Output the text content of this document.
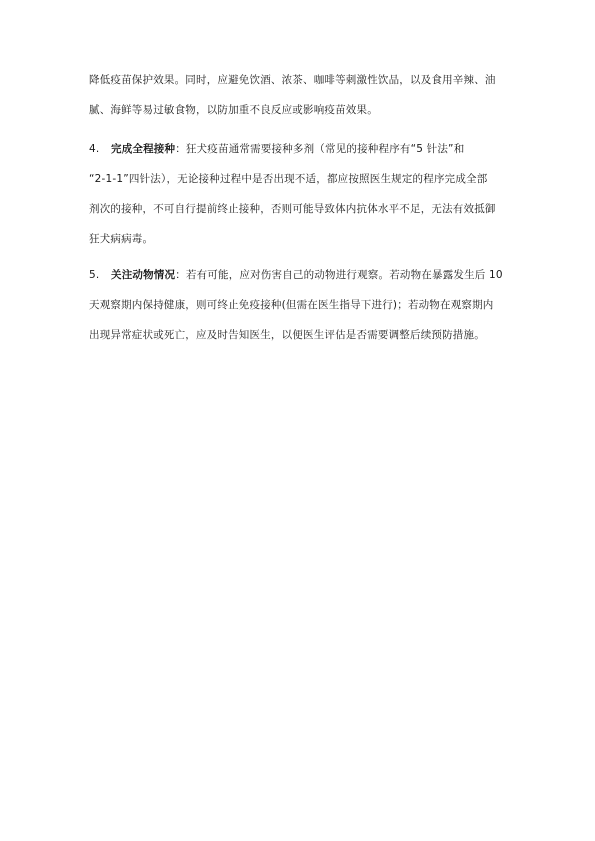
降低疫苗保护效果。同时，应避免饮酒、浓茶、咖啡等刺激性饮品，以及食用辛辣、油
腻、海鲜等易过敏食物，以防加重不良反应或影响疫苗效果。
4. 完成全程接种：狂犬疫苗通常需要接种多剂（常见的接种程序有“5 针法”和
“2-1-1”四针法），无论接种过程中是否出现不适，都应按照医生规定的程序完成全部
剂次的接种，不可自行提前终止接种，否则可能导致体内抗体水平不足，无法有效抵御
狂犬病病毒。
5. 关注动物情况：若有可能，应对伤害自己的动物进行观察。若动物在暴露发生后 10
天观察期内保持健康，则可终止免疫接种(但需在医生指导下进行)；若动物在观察期内
出现异常症状或死亡，应及时告知医生，以便医生评估是否需要调整后续预防措施。
